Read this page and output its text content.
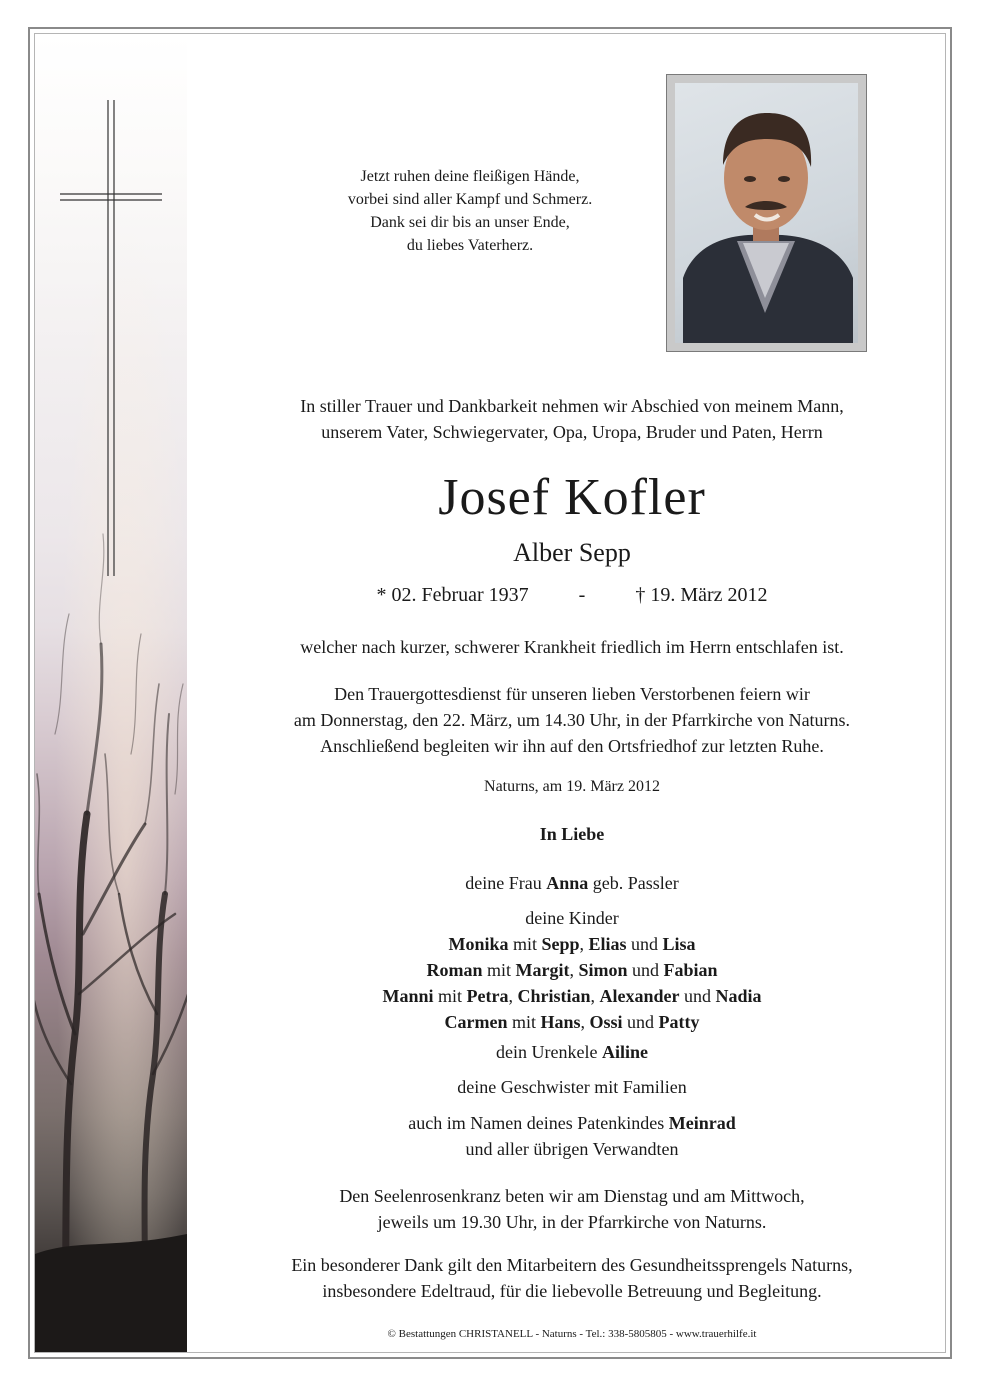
Jetzt ruhen deine fleißigen Hände,
vorbei sind aller Kampf und Schmerz.
Dank sei dir bis an unser Ende,
du liebes Vaterherz.
In stiller Trauer und Dankbarkeit nehmen wir Abschied von meinem Mann,
unserem Vater, Schwiegervater, Opa, Uropa, Bruder und Paten, Herrn
Josef Kofler
Alber Sepp
* 02. Februar 1937	-	† 19. März 2012
welcher nach kurzer, schwerer Krankheit friedlich im Herrn entschlafen ist.
Den Trauergottesdienst für unseren lieben Verstorbenen feiern wir
am Donnerstag, den 22. März, um 14.30 Uhr, in der Pfarrkirche von Naturns.
Anschließend begleiten wir ihn auf den Ortsfriedhof zur letzten Ruhe.
Naturns, am 19. März 2012
In Liebe
deine Frau Anna geb. Passler
deine Kinder
Monika mit Sepp, Elias und Lisa
Roman mit Margit, Simon und Fabian
Manni mit Petra, Christian, Alexander und Nadia
Carmen mit Hans, Ossi und Patty
dein Urenkele Ailine
deine Geschwister mit Familien
auch im Namen deines Patenkindes Meinrad
und aller übrigen Verwandten
Den Seelenrosenkranz beten wir am Dienstag und am Mittwoch,
jeweils um 19.30 Uhr, in der Pfarrkirche von Naturns.
Ein besonderer Dank gilt den Mitarbeitern des Gesundheitssprengels Naturns,
insbesondere Edeltraud, für die liebevolle Betreuung und Begleitung.
© Bestattungen CHRISTANELL - Naturns - Tel.: 338-5805805 - www.trauerhilfe.it
